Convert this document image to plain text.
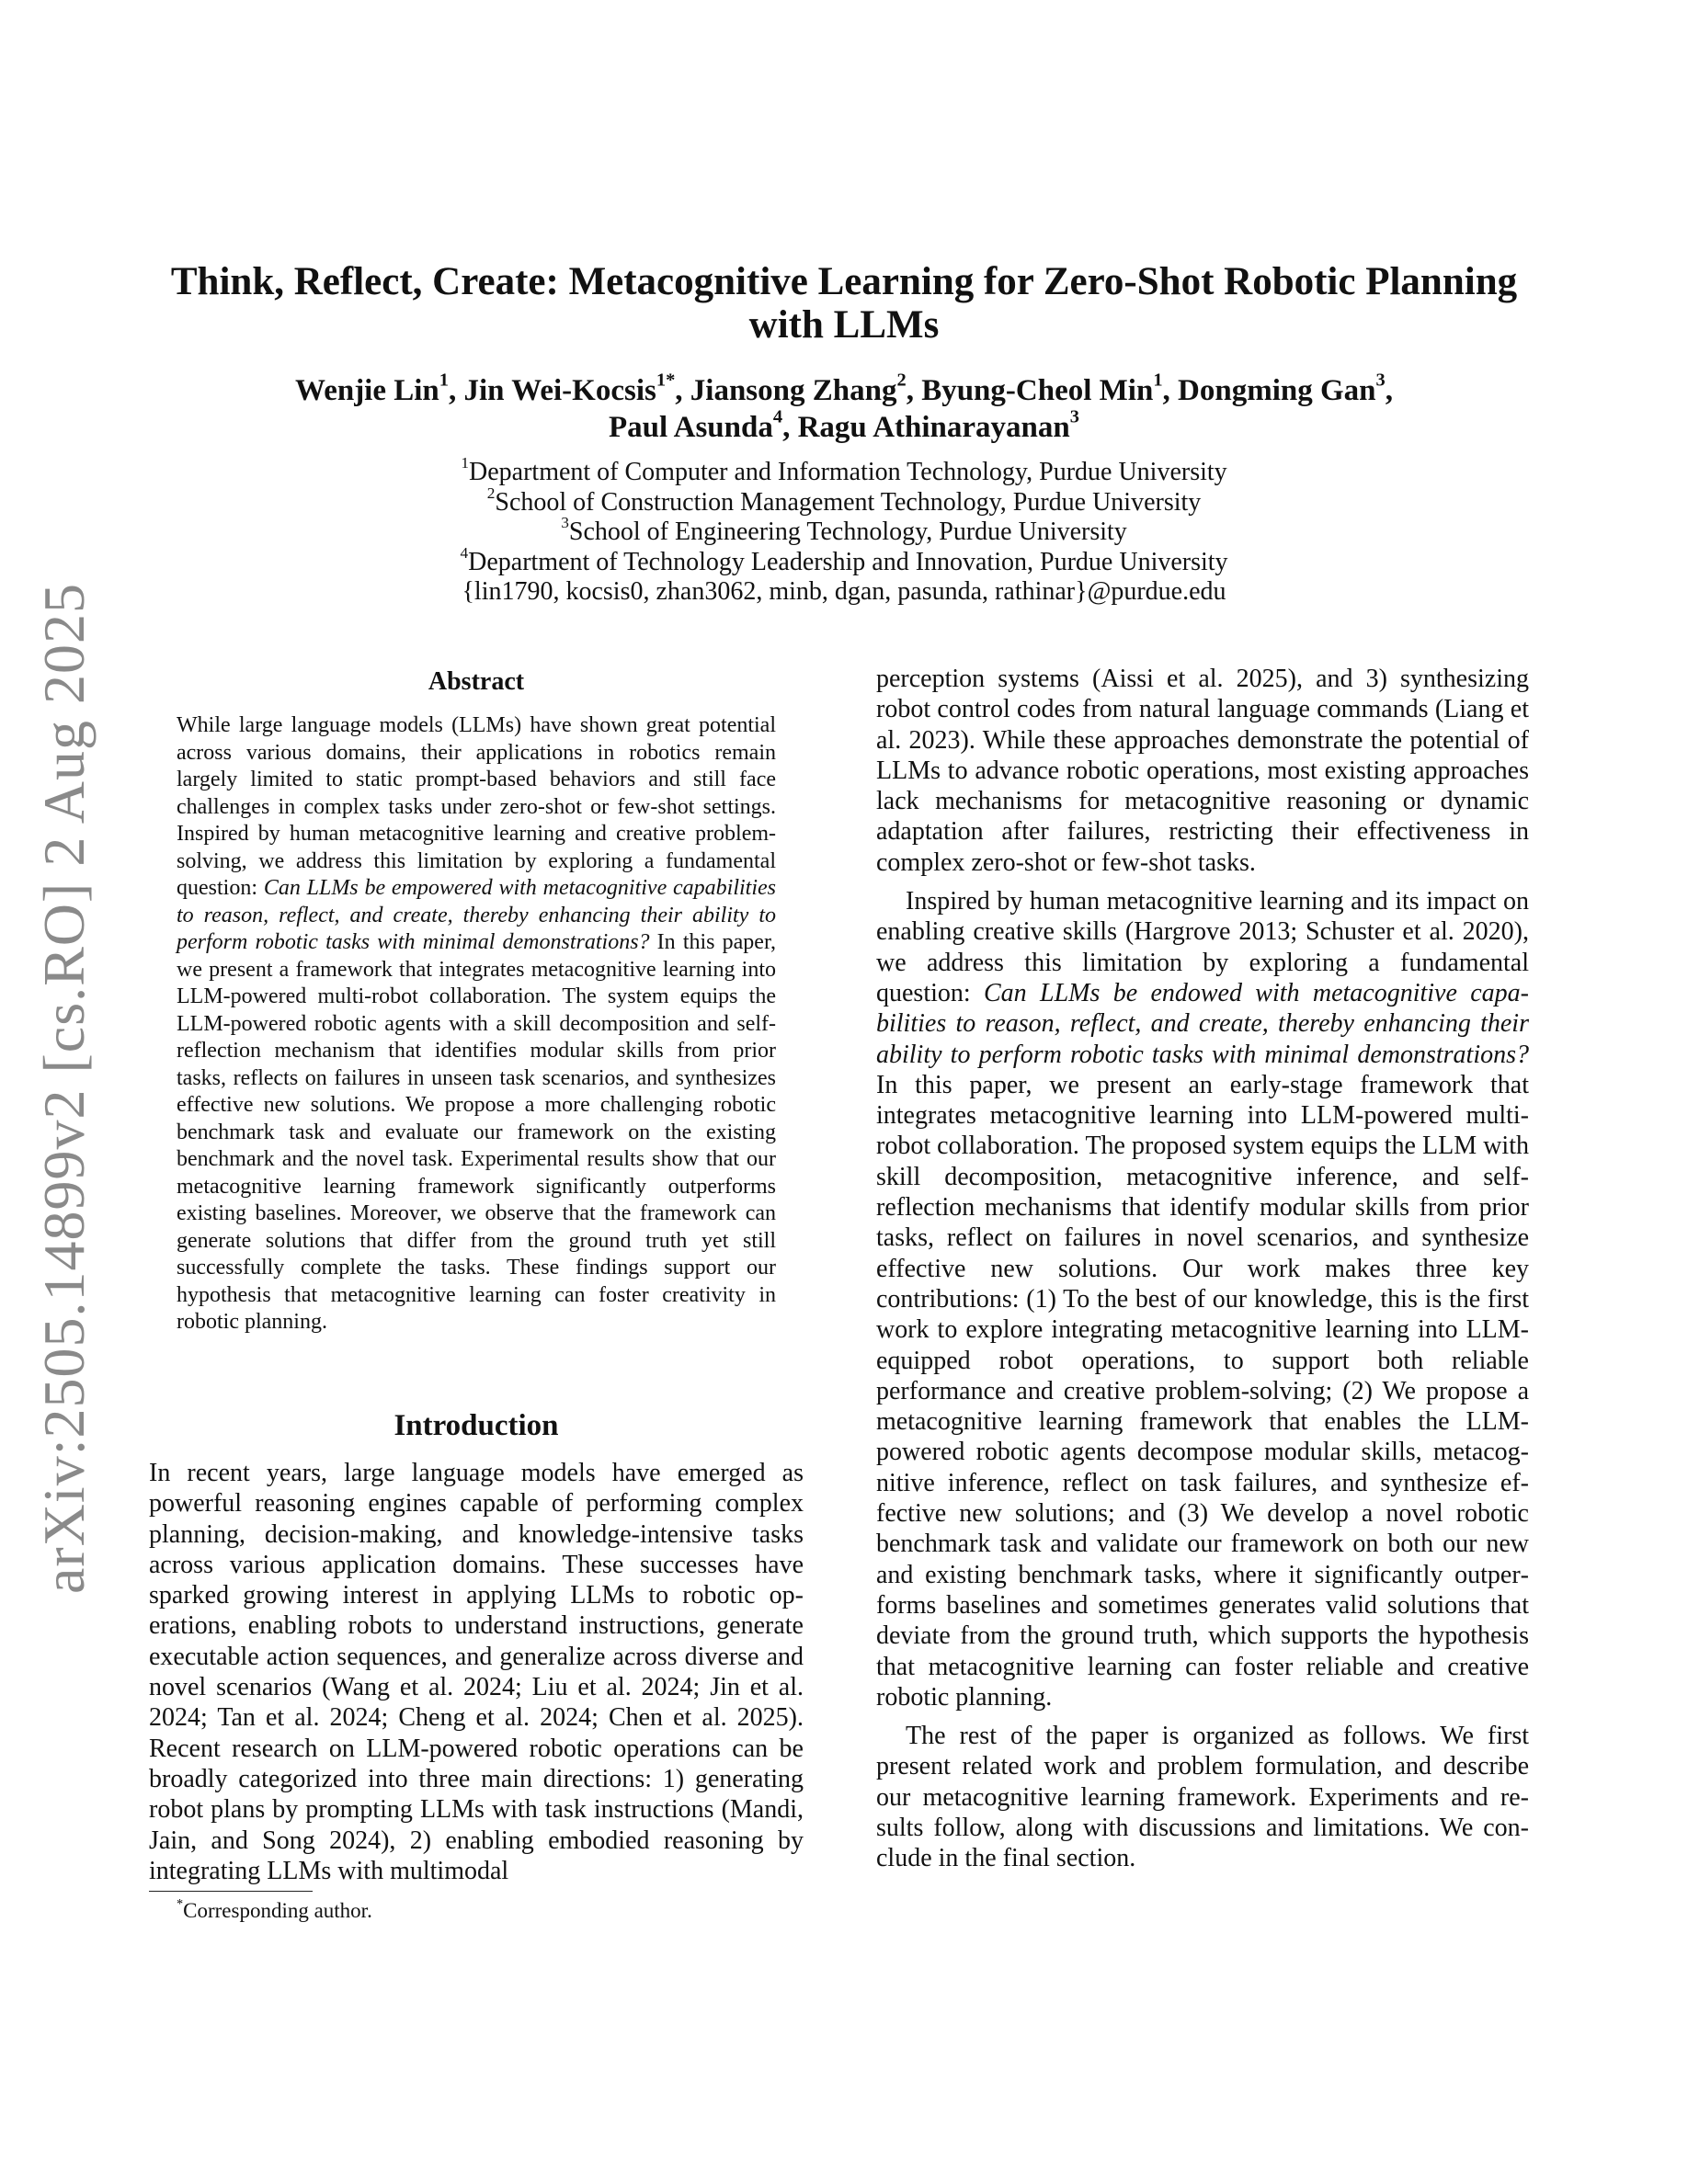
arXiv:2505.14899v2 [cs.RO] 2 Aug 2025
Think, Reflect, Create: Metacognitive Learning for Zero-Shot Robotic Planning
with LLMs
Wenjie Lin$^1$, Jin Wei-Kocsis$^{1*}$, Jiansong Zhang$^2$, Byung-Cheol Min$^1$, Dongming Gan$^3$,
Paul Asunda$^4$, Ragu Athinarayanan$^3$
$^1$Department of Computer and Information Technology, Purdue University
$^2$School of Construction Management Technology, Purdue University
$^3$School of Engineering Technology, Purdue University
$^4$Department of Technology Leadership and Innovation, Purdue University
{lin1790, kocsis0, zhan3062, minb, dgan, pasunda, rathinar}@purdue.edu
Abstract

While large language models (LLMs) have shown great potential across various domains, their applications in robotics remain largely limited to static prompt-based behaviors and still face challenges in complex tasks under zero-shot or few-shot settings. Inspired by human metacognitive learning and creative problem-solving, we address this limitation by exploring a fundamental question: Can LLMs be empowered with metacognitive capabilities to reason, reflect, and create, thereby enhancing their ability to perform robotic tasks with minimal demonstrations? In this paper, we present a framework that integrates metacognitive learning into LLM-powered multi-robot collaboration. The system equips the LLM-powered robotic agents with a skill decomposition and self-reflection mechanism that identifies modular skills from prior tasks, reflects on failures in unseen task scenarios, and synthesizes effective new solutions. We propose a more challenging robotic benchmark task and evaluate our framework on the existing benchmark and the novel task. Experimental results show that our metacognitive learning framework significantly outperforms existing baselines. Moreover, we observe that the framework can generate solutions that differ from the ground truth yet still successfully complete the tasks. These findings support our hypothesis that metacognitive learning can foster creativity in robotic planning.

Introduction

In recent years, large language models have emerged as powerful reasoning engines capable of performing complex planning, decision-making, and knowledge-intensive tasks across various application domains. These successes have sparked growing interest in applying LLMs to robotic operations, enabling robots to understand instructions, generate executable action sequences, and generalize across diverse and novel scenarios (Wang et al. 2024; Liu et al. 2024; Jin et al. 2024; Tan et al. 2024; Cheng et al. 2024; Chen et al. 2025). Recent research on LLM-powered robotic operations can be broadly categorized into three main directions: 1) generating robot plans by prompting LLMs with task instructions (Mandi, Jain, and Song 2024), 2) enabling embodied reasoning by integrating LLMs with multimodal

perception systems (Aissi et al. 2025), and 3) synthesizing robot control codes from natural language commands (Liang et al. 2023). While these approaches demonstrate the potential of LLMs to advance robotic operations, most existing approaches lack mechanisms for metacognitive reasoning or dynamic adaptation after failures, restricting their effectiveness in complex zero-shot or few-shot tasks.

Inspired by human metacognitive learning and its impact on enabling creative skills (Hargrove 2013; Schuster et al. 2020), we address this limitation by exploring a fundamental question: Can LLMs be endowed with metacognitive capabilities to reason, reflect, and create, thereby enhancing their ability to perform robotic tasks with minimal demonstrations? In this paper, we present an early-stage framework that integrates metacognitive learning into LLM-powered multi-robot collaboration. The proposed system equips the LLM with skill decomposition, metacognitive inference, and self-reflection mechanisms that identify modular skills from prior tasks, reflect on failures in novel scenarios, and synthesize effective new solutions. Our work makes three key contributions: (1) To the best of our knowledge, this is the first work to explore integrating metacognitive learning into LLM-equipped robot operations, to support both reliable performance and creative problem-solving; (2) We propose a metacognitive learning framework that enables the LLM-powered robotic agents decompose modular skills, metacognitive inference, reflect on task failures, and synthesize effective new solutions; and (3) We develop a novel robotic benchmark task and validate our framework on both our new and existing benchmark tasks, where it significantly outperforms baselines and sometimes generates valid solutions that deviate from the ground truth, which supports the hypothesis that metacognitive learning can foster reliable and creative robotic planning.

The rest of the paper is organized as follows. We first present related work and problem formulation, and describe our metacognitive learning framework. Experiments and results follow, along with discussions and limitations. We conclude in the final section.

*Corresponding author.
